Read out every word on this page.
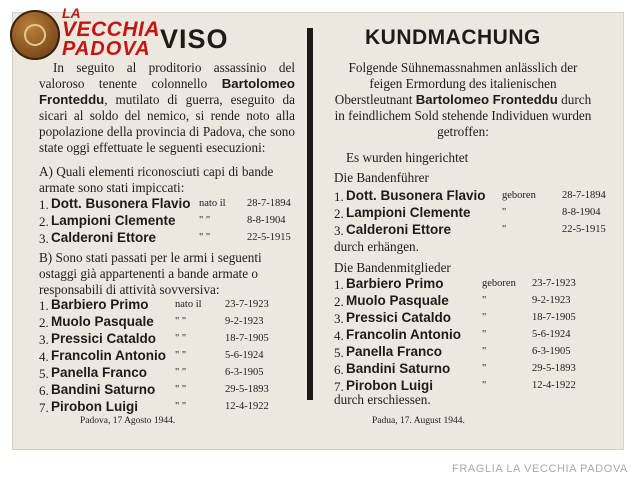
LA
VECCHIA
PADOVA VISO
In seguito al proditorio assassinio del valoroso tenente colonnello Bartolomeo Fronteddu, mutilato di guerra, eseguito da sicari al soldo del nemico, si rende noto alla popolazione della provincia di Padova, che sono state oggi effettuate le seguenti esecuzioni:
A) Quali elementi riconosciuti capi di bande armate sono stati impiccati:
1. Dott. Busonera Flavio nato il 28-7-1894
2. Lampioni Clemente " "	8-8-1904
3. Calderoni Ettore	" "	22-5-1915
B) Sono stati passati per le armi i seguenti ostaggi già appartenenti a bande armate o responsabili di attività sovversiva:
1. Barbiero Primo	nato il 23-7-1923
2. Muolo Pasquale " "	9-2-1923
3. Pressici Cataldo " "	18-7-1905
4. Francolin Antonio " "	5-6-1924
5. Panella Franco	" "	6-3-1905
6. Bandini Saturno " "	29-5-1893
7. Pirobon Luigi	" "	12-4-1922
Padova, 17 Agosto 1944.
KUNDMACHUNG
Folgende Sühnemassnahmen anlässlich der feigen Ermordung des italienischen Oberstleutnant Bartolomeo Fronteddu durch in feindlichem Sold stehende Individuen wurden getroffen:
Es wurden hingerichtet
Die Bandenführer
1. Dott. Busonera Flavio geboren 28-7-1894
2. Lampioni Clemente	"	8-8-1904
3. Calderoni Ettore	"	22-5-1915
durch erhängen.
Die Bandenmitglieder
1. Barbiero Primo	geboren 23-7-1923
2. Muolo Pasquale	"	9-2-1923
3. Pressici Cataldo	"	18-7-1905
4. Francolin Antonio "	5-6-1924
5. Panella Franco	"	6-3-1905
6. Bandini Saturno	"	29-5-1893
7. Pirobon Luigi	"	12-4-1922
durch erschiessen.
Padua, 17. August 1944.
FRAGLIA LA VECCHIA PADOVA
